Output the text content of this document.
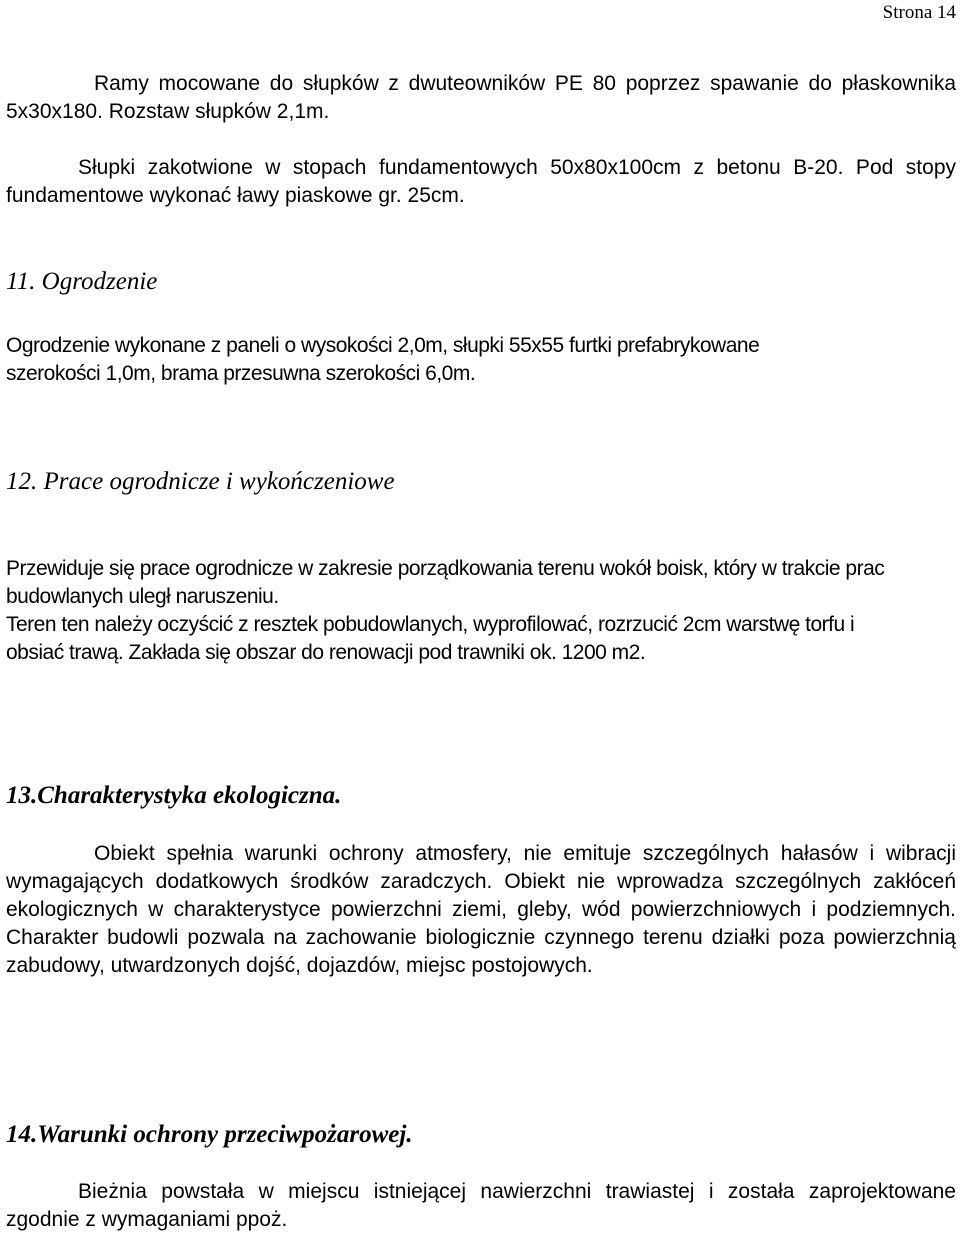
Strona 14

Ramy mocowane do słupków z dwuteowników PE 80 poprzez spawanie do płaskownika 5x30x180. Rozstaw słupków 2,1m.

Słupki zakotwione w stopach fundamentowych 50x80x100cm z betonu B-20. Pod stopy fundamentowe wykonać ławy piaskowe gr. 25cm.

11. Ogrodzenie

Ogrodzenie wykonane z paneli o wysokości 2,0m, słupki 55x55 furtki prefabrykowane szerokości 1,0m, brama przesuwna szerokości 6,0m.

12. Prace ogrodnicze i wykończeniowe

Przewiduje się prace ogrodnicze w zakresie porządkowania terenu wokół boisk, który w trakcie prac budowlanych uległ naruszeniu.

Teren ten należy oczyścić z resztek pobudowlanych, wyprofilować, rozrzucić 2cm warstwę torfu i obsiać trawą. Zakłada się obszar do renowacji pod trawniki ok. 1200 m2.

13.Charakterystyka ekologiczna.

Obiekt spełnia warunki ochrony atmosfery, nie emituje szczególnych hałasów i wibracji wymagających dodatkowych środków zaradczych. Obiekt nie wprowadza szczególnych zakłóceń ekologicznych w charakterystyce powierzchni ziemi, gleby, wód powierzchniowych i podziemnych. Charakter budowli pozwala na zachowanie biologicznie czynnego terenu działki poza powierzchnią zabudowy, utwardzonych dojść, dojazdów, miejsc postojowych.

14.Warunki ochrony przeciwpożarowej.

Bieżnia powstała w miejscu istniejącej nawierzchni trawiastej i została zaprojektowane zgodnie z wymaganiami ppoż.
